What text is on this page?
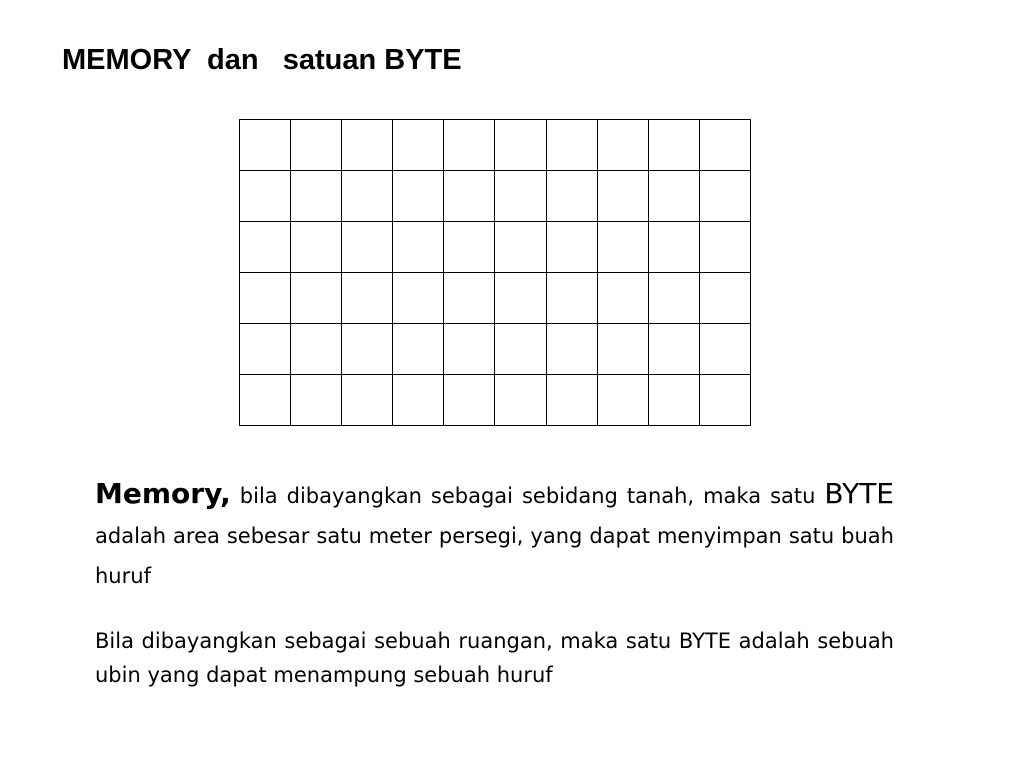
MEMORY  dan   satuan BYTE

Memory, bila dibayangkan sebagai sebidang tanah, maka satu BYTE adalah area sebesar satu meter persegi, yang dapat menyimpan satu buah huruf

Bila dibayangkan sebagai sebuah ruangan, maka satu BYTE adalah sebuah ubin yang dapat menampung sebuah huruf
